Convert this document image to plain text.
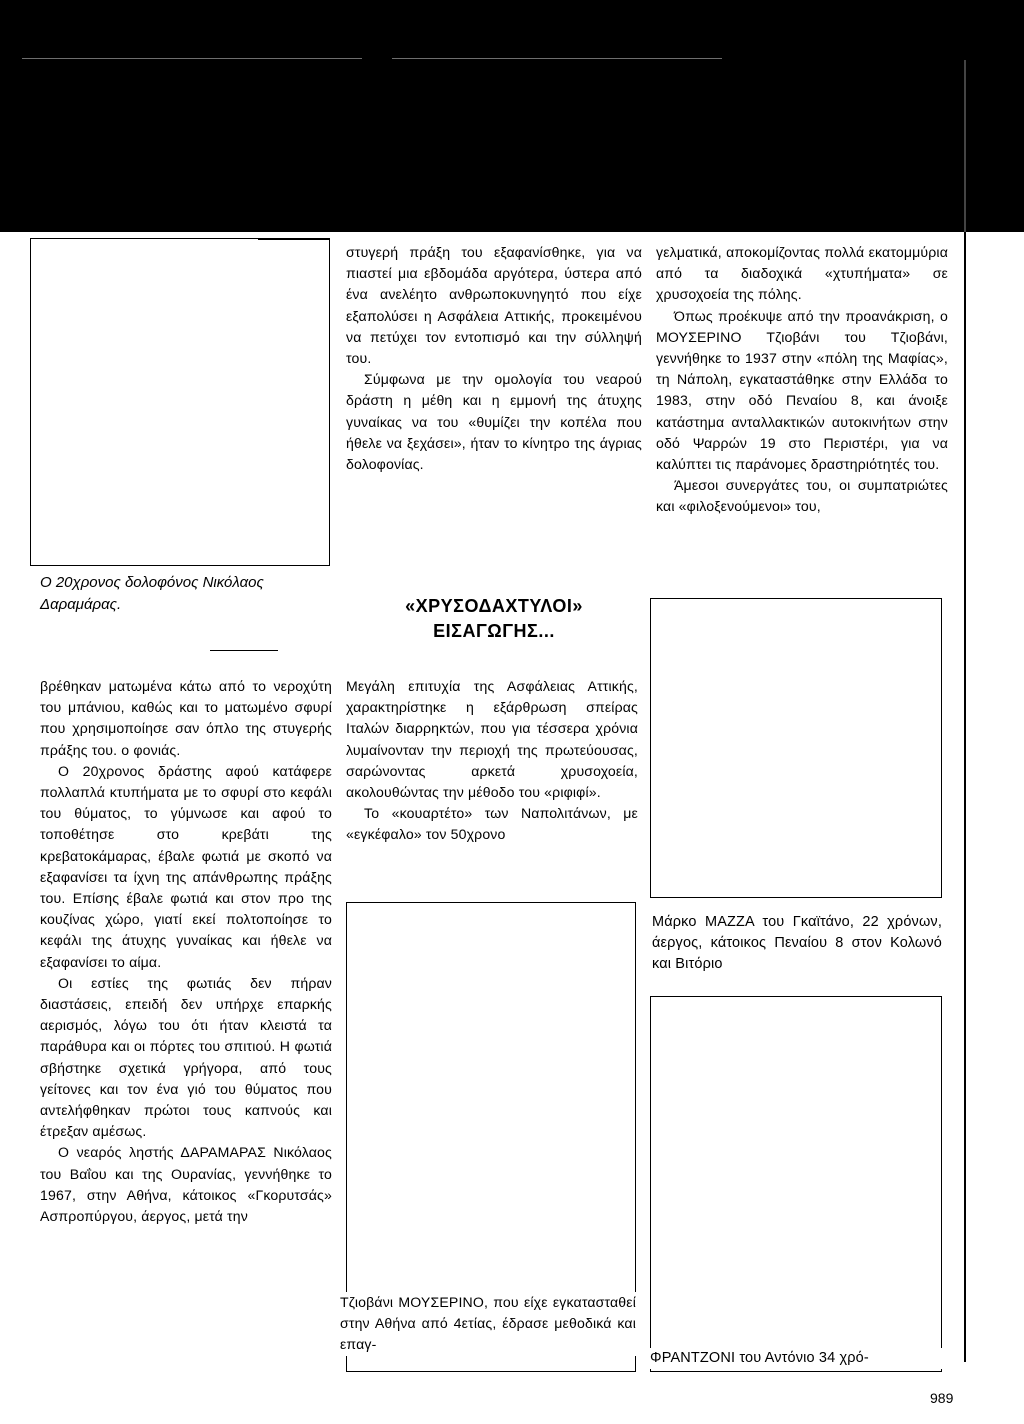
Ο 20χρονος δολοφόνος Νικόλαος Δαραμάρας.

στυγερή πράξη του εξαφανίσθηκε, για να πιαστεί μια εβδομάδα αργότερα, ύστερα από ένα ανελέητο ανθρωποκυνηγητό που είχε εξαπολύσει η Ασφάλεια Αττικής, προκειμένου να πετύχει τον εντοπισμό και την σύλληψή του.

Σύμφωνα με την ομολογία του νεαρού δράστη η μέθη και η εμμονή της άτυχης γυναίκας να του «θυμίζει την κοπέλα που ήθελε να ξεχάσει», ήταν το κίνητρο της άγριας δολοφονίας.

«ΧΡΥΣΟΔΑΧΤΥΛΟΙ»
ΕΙΣΑΓΩΓΗΣ...

γελματικά, αποκομίζοντας πολλά εκατομμύρια από τα διαδοχικά «χτυπήματα» σε χρυσοχοεία της πόλης.

Όπως προέκυψε από την προανάκριση, ο ΜΟΥΣΕΡΙΝΟ Τζιοβάνι του Τζιοβάνι, γεννήθηκε το 1937 στην «πόλη της Μαφίας», τη Νάπολη, εγκαταστάθηκε στην Ελλάδα το 1983, στην οδό Πεναίου 8, και άνοιξε κατάστημα ανταλλακτικών αυτοκινήτων στην οδό Ψαρρών 19 στο Περιστέρι, για να καλύπτει τις παράνομες δραστηριότητές του.

Άμεσοι συνεργάτες του, οι συμπατριώτες και «φιλοξενούμενοι» του,

Μάρκο MAZZA του Γκαϊτάνο, 22 χρόνων, άεργος, κάτοικος Πεναίου 8 στον Κολωνό και Βιτόριο

βρέθηκαν ματωμένα κάτω από το νεροχύτη του μπάνιου, καθώς και το ματωμένο σφυρί που χρησιμοποίησε σαν όπλο της στυγερής πράξης του. ο φονιάς.

Ο 20χρονος δράστης αφού κατάφερε πολλαπλά κτυπήματα με το σφυρί στο κεφάλι του θύματος, το γύμνωσε και αφού το τοποθέτησε στο κρεβάτι της κρεβατοκάμαρας, έβαλε φωτιά με σκοπό να εξαφανίσει τα ίχνη της απάνθρωπης πράξης του. Επίσης έβαλε φωτιά και στον προ της κουζίνας χώρο, γιατί εκεί πολτοποίησε το κεφάλι της άτυχης γυναίκας και ήθελε να εξαφανίσει το αίμα.

Οι εστίες της φωτιάς δεν πήραν διαστάσεις, επειδή δεν υπήρχε επαρκής αερισμός, λόγω του ότι ήταν κλειστά τα παράθυρα και οι πόρτες του σπιτιού. Η φωτιά σβήστηκε σχετικά γρήγορα, από τους γείτονες και τον ένα γιό του θύματος που αντελήφθηκαν πρώτοι τους καπνούς και έτρεξαν αμέσως.

Ο νεαρός ληστής ΔΑΡΑΜΑΡΑΣ Νικόλαος του Βαΐου και της Ουρανίας, γεννήθηκε το 1967, στην Αθήνα, κάτοικος «Γκορυτσάς» Ασπροπύργου, άεργος, μετά την

Μεγάλη επιτυχία της Ασφάλειας Αττικής, χαρακτηρίστηκε η εξάρθρωση σπείρας Ιταλών διαρρηκτών, που για τέσσερα χρόνια λυμαίνονταν την περιοχή της πρωτεύουσας, σαρώνοντας αρκετά χρυσοχοεία, ακολουθώντας την μέθοδο του «ριφιφί».

Το «κουαρτέτο» των Ναπολιτάνων, με «εγκέφαλο» τον 50χρονο

Τζιοβάνι ΜΟΥΣΕΡΙΝΟ, που είχε εγκατασταθεί στην Αθήνα από 4ετίας, έδρασε μεθοδικά και επαγ-

ΦΡΑΝΤΖΟΝΙ του Αντόνιο 34 χρό-

989
